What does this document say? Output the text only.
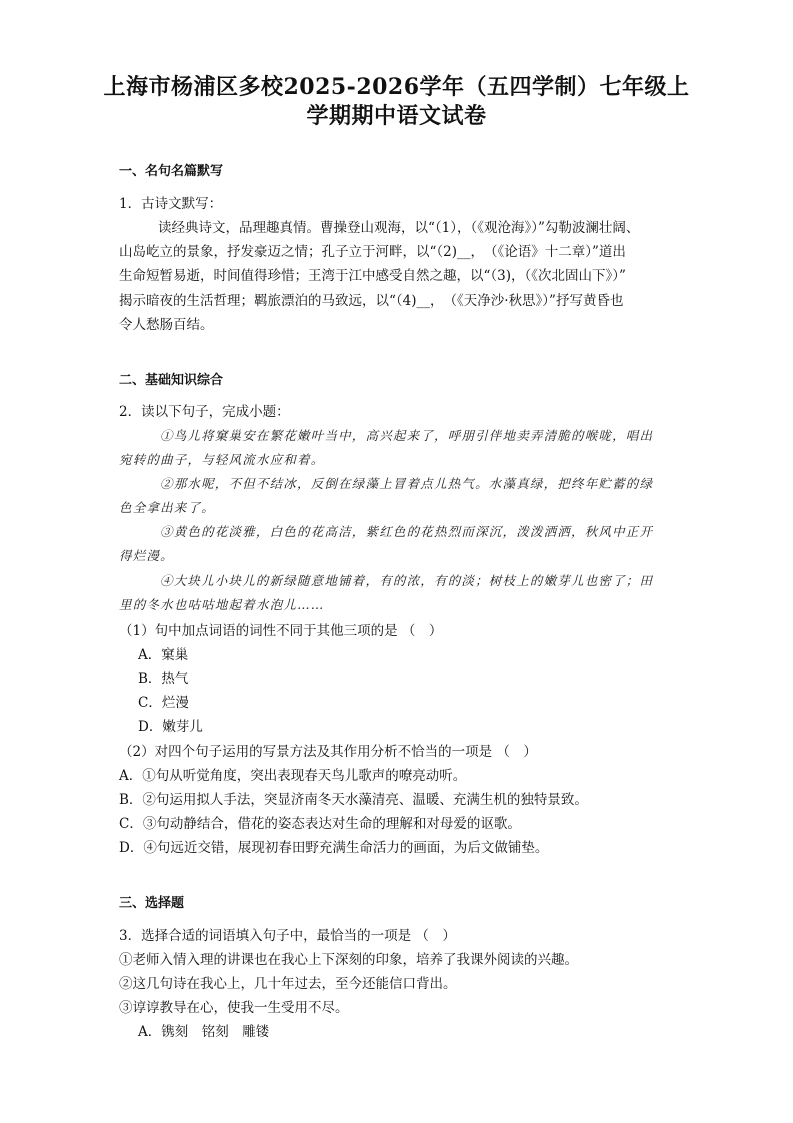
上海市杨浦区多校2025-2026学年（五四学制）七年级上
学期期中语文试卷
一、名句名篇默写
1．古诗文默写：
读经典诗文，品理趣真情。曹操登山观海，以“（1），（《观沧海》）”勾勒波澜壮阔、
山岛屹立的景象，抒发豪迈之情；孔子立于河畔，以“（2)__，　（《论语》十二章）”道出
生命短暂易逝，时间值得珍惜；王湾于江中感受自然之趣，以“（3)，（《次北固山下》）”
揭示暗夜的生活哲理；羁旅漂泊的马致远，以“（4)__，　（《天净沙·秋思》）”抒写黄昏也
令人愁肠百结。
二、基础知识综合
2．读以下句子，完成小题：
①鸟儿将窠巢安在繁花嫩叶当中，高兴起来了，呼朋引伴地卖弄清脆的喉咙，唱出
宛转的曲子，与轻风流水应和着。
②那水呢，不但不结冰，反倒在绿藻上冒着点儿热气。水藻真绿，把终年贮蓄的绿
色全拿出来了。
③黄色的花淡雅，白色的花高洁，紫红色的花热烈而深沉，泼泼洒洒，秋风中正开
得烂漫。
④大块儿小块儿的新绿随意地铺着，有的浓，有的淡；树枝上的嫩芽儿也密了；田
里的冬水也咕咕地起着水泡儿……
（1）句中加点词语的词性不同于其他三项的是 （　）
A．窠巢
B．热气
C．烂漫
D．嫩芽儿
（2）对四个句子运用的写景方法及其作用分析不恰当的一项是 （　）
A．①句从听觉角度，突出表现春天鸟儿歌声的嘹亮动听。
B．②句运用拟人手法，突显济南冬天水藻清亮、温暖、充满生机的独特景致。
C．③句动静结合，借花的姿态表达对生命的理解和对母爱的讴歌。
D．④句远近交错，展现初春田野充满生命活力的画面，为后文做铺垫。
三、选择题
3．选择合适的词语填入句子中，最恰当的一项是 （　）
①老师入情入理的讲课也在我心上下深刻的印象，培养了我课外阅读的兴趣。
②这几句诗在我心上，几十年过去，至今还能信口背出。
③谆谆教导在心，使我一生受用不尽。
A．镌刻　铭刻　雕镂
